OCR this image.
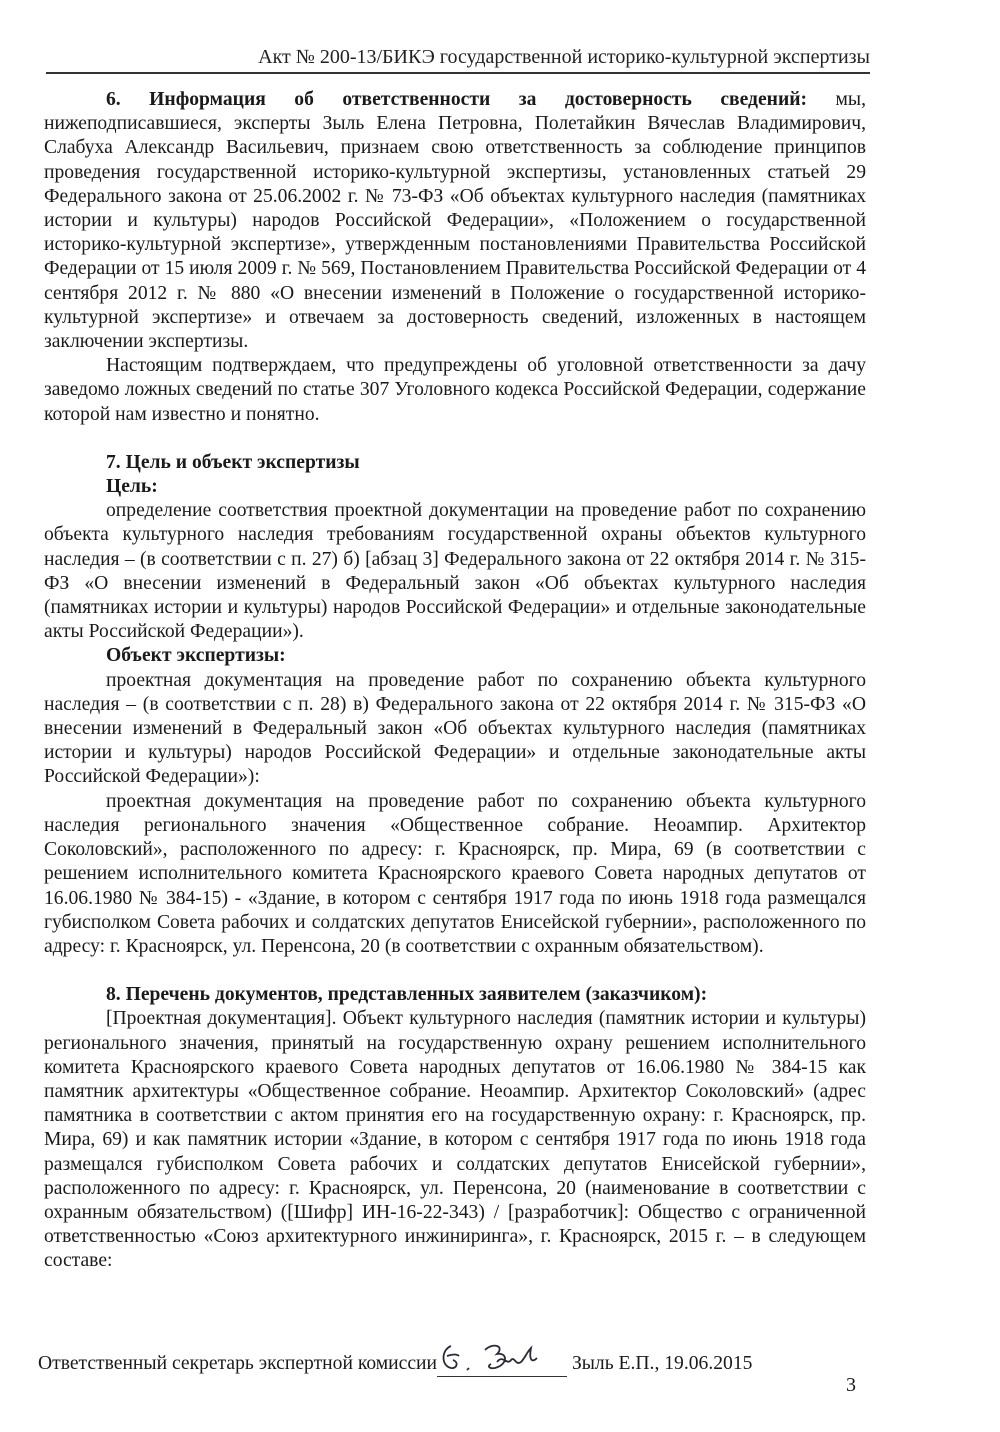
Акт № 200-13/БИКЭ государственной историко-культурной экспертизы

6. Информация об ответственности за достоверность сведений: мы, нижеподписавшиеся, эксперты Зыль Елена Петровна, Полетайкин Вячеслав Владимирович, Слабуха Александр Васильевич, признаем свою ответственность за соблюдение принципов проведения государственной историко-культурной экспертизы, установленных статьей 29 Федерального закона от 25.06.2002 г. № 73-ФЗ «Об объектах культурного наследия (памятниках истории и культуры) народов Российской Федерации», «Положением о государственной историко-культурной экспертизе», утвержденным постановлениями Правительства Российской Федерации от 15 июля 2009 г. № 569, Постановлением Правительства Российской Федерации от 4 сентября 2012 г. № 880 «О внесении изменений в Положение о государственной историко-культурной экспертизе» и отвечаем за достоверность сведений, изложенных в настоящем заключении экспертизы.

Настоящим подтверждаем, что предупреждены об уголовной ответственности за дачу заведомо ложных сведений по статье 307 Уголовного кодекса Российской Федерации, содержание которой нам известно и понятно.

7. Цель и объект экспертизы

Цель:

определение соответствия проектной документации на проведение работ по сохранению объекта культурного наследия требованиям государственной охраны объектов культурного наследия – (в соответствии с п. 27) б) [абзац 3] Федерального закона от 22 октября 2014 г. № 315-ФЗ «О внесении изменений в Федеральный закон «Об объектах культурного наследия (памятниках истории и культуры) народов Российской Федерации» и отдельные законодательные акты Российской Федерации»).

Объект экспертизы:

проектная документация на проведение работ по сохранению объекта культурного наследия – (в соответствии с п. 28) в) Федерального закона от 22 октября 2014 г. № 315-ФЗ «О внесении изменений в Федеральный закон «Об объектах культурного наследия (памятниках истории и культуры) народов Российской Федерации» и отдельные законодательные акты Российской Федерации»):

проектная документация на проведение работ по сохранению объекта культурного наследия регионального значения «Общественное собрание. Неоампир. Архитектор Соколовский», расположенного по адресу: г. Красноярск, пр. Мира, 69 (в соответствии с решением исполнительного комитета Красноярского краевого Совета народных депутатов от 16.06.1980 № 384-15) - «Здание, в котором с сентября 1917 года по июнь 1918 года размещался губисполком Совета рабочих и солдатских депутатов Енисейской губернии», расположенного по адресу: г. Красноярск, ул. Перенсона, 20 (в соответствии с охранным обязательством).

8. Перечень документов, представленных заявителем (заказчиком):

[Проектная документация]. Объект культурного наследия (памятник истории и культуры) регионального значения, принятый на государственную охрану решением исполнительного комитета Красноярского краевого Совета народных депутатов от 16.06.1980 № 384-15 как памятник архитектуры «Общественное собрание. Неоампир. Архитектор Соколовский» (адрес памятника в соответствии с актом принятия его на государственную охрану: г. Красноярск, пр. Мира, 69) и как памятник истории «Здание, в котором с сентября 1917 года по июнь 1918 года размещался губисполком Совета рабочих и солдатских депутатов Енисейской губернии», расположенного по адресу: г. Красноярск, ул. Перенсона, 20 (наименование в соответствии с охранным обязательством) ([Шифр] ИН-16-22-343) / [разработчик]: Общество с ограниченной ответственностью «Союз архитектурного инжиниринга», г. Красноярск, 2015 г. – в следующем составе:

Ответственный секретарь экспертной комиссии	Зыль Е.П., 19.06.2015
3
